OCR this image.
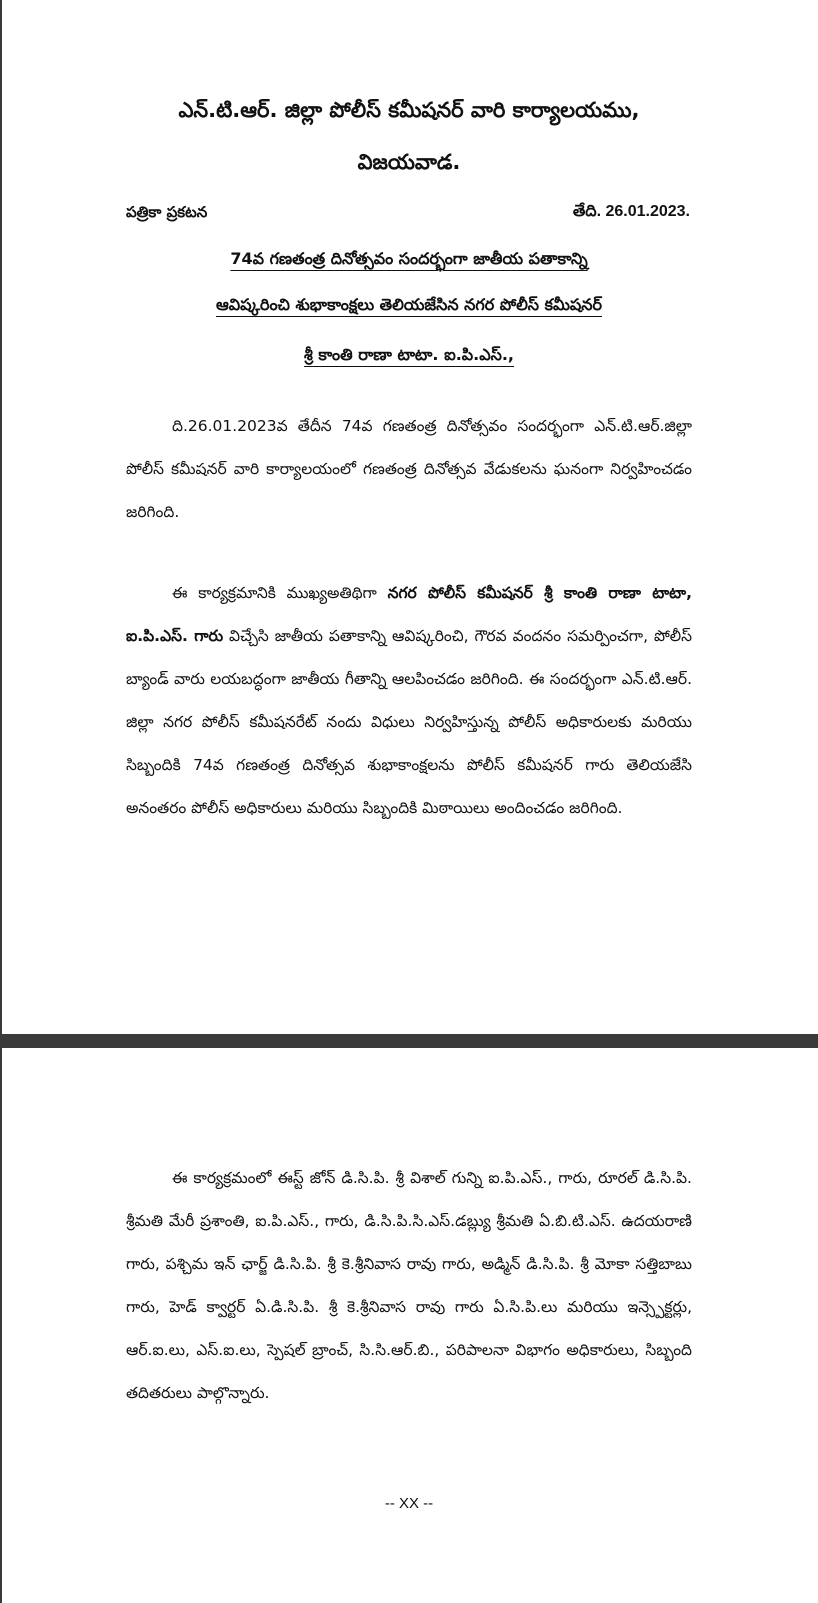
ఎన్.టి.ఆర్. జిల్లా పోలీస్ కమీషనర్ వారి కార్యాలయము,
విజయవాడ.
పత్రికా ప్రకటన	తేది. 26.01.2023.
74వ గణతంత్ర దినోత్సవం సందర్భంగా జాతీయ పతాకాన్ని
ఆవిష్కరించి శుభాకాంక్షలు తెలియజేసిన నగర పోలీస్ కమీషనర్
శ్రీ కాంతి రాణా టాటా. ఐ.పి.ఎస్.,

ది.26.01.2023వ తేదీన 74వ గణతంత్ర దినోత్సవం సందర్భంగా ఎన్.టి.ఆర్.జిల్లా పోలీస్ కమీషనర్ వారి కార్యాలయంలో గణతంత్ర దినోత్సవ వేడుకలను ఘనంగా నిర్వహించడం జరిగింది.

ఈ కార్యక్రమానికి ముఖ్యఅతిథిగా నగర పోలీస్ కమీషనర్ శ్రీ కాంతి రాణా టాటా, ఐ.పి.ఎస్. గారు విచ్చేసి జాతీయ పతాకాన్ని ఆవిష్కరించి, గౌరవ వందనం సమర్పించగా, పోలీస్ బ్యాండ్ వారు లయబద్ధంగా జాతీయ గీతాన్ని ఆలపించడం జరిగింది. ఈ సందర్భంగా ఎన్.టి.ఆర్. జిల్లా నగర పోలీస్ కమీషనరేట్ నందు విధులు నిర్వహిస్తున్న పోలీస్ అధికారులకు మరియు సిబ్బందికి 74వ గణతంత్ర దినోత్సవ శుభాకాంక్షలను పోలీస్ కమీషనర్ గారు తెలియజేసి అనంతరం పోలీస్ అధికారులు మరియు సిబ్బందికి మిఠాయిలు అందించడం జరిగింది.

ఈ కార్యక్రమంలో ఈస్ట్ జోన్ డి.సి.పి. శ్రీ విశాల్ గున్ని ఐ.పి.ఎస్., గారు, రూరల్ డి.సి.పి. శ్రీమతి మేరీ ప్రశాంతి, ఐ.పి.ఎస్., గారు, డి.సి.పి.సి.ఎస్.డబ్ల్యు శ్రీమతి ఏ.బి.టి.ఎస్. ఉదయరాణి గారు, పశ్చిమ ఇన్ ఛార్జ్ డి.సి.పి. శ్రీ కె.శ్రీనివాస రావు గారు, అడ్మిన్ డి.సి.పి. శ్రీ మోకా సత్తిబాబు గారు, హెడ్ క్వార్టర్ ఏ.డి.సి.పి. శ్రీ కె.శ్రీనివాస రావు గారు ఏ.సి.పి.లు మరియు ఇన్స్పెక్టర్లు, ఆర్.ఐ.లు, ఎస్.ఐ.లు, స్పెషల్ బ్రాంచ్, సి.సి.ఆర్.బి., పరిపాలనా విభాగం అధికారులు, సిబ్బంది తదితరులు పాల్గొన్నారు.

-- XX --
